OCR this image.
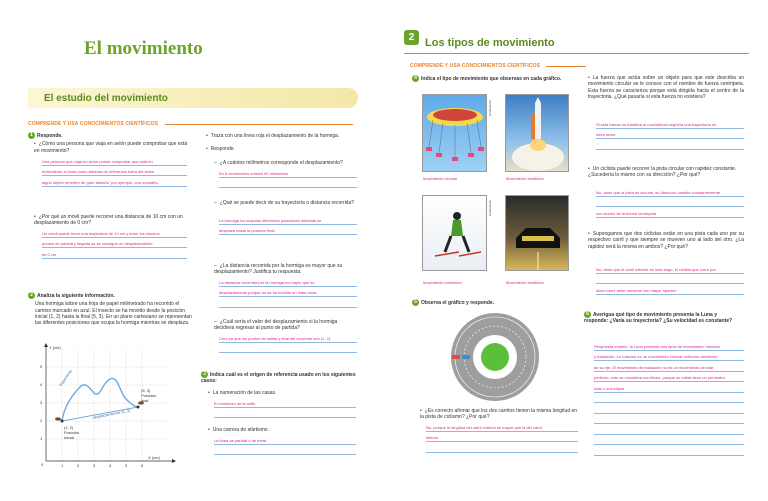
El movimiento
El estudio del movimiento
COMPRENDE Y USA CONOCIMIENTOS CIENTÍFICOS
1 Responde.
• ¿Cómo una persona que viaja en avión puede comprobar que está en movimiento?
Una persona que viaja en avión puede comprobar que está en
movimiento si toma como sistema de referencia fuera del avión
algún objeto terrestre de gran tamaño, por ejemplo, una montaña.
• ¿Por qué un móvil puede recorrer una distancia de 10 cm con un desplazamiento de 0 cm?
Un móvil puede tener una trayectoria de 10 cm y tener los mismos
puntos de partida y llegada ya se consigue un desplazamiento
de 0 cm.
2 Analiza la siguiente información.
Una hormiga sobre una hoja de papel milimetrado ha recorrido el camino marcado en azul. El insecto se ha movido desde la posición inicial (1, 2) hasta la final (5, 3). En un plano cartesiano se representan las diferentes posiciones que ocupa la hormiga mientras se desplaza.
Y (cm)
X (cm)
0
5
4
3
2
1
1	2	3	4	5	6
trayectoria
desplazamiento (5, 3)
(1, 2)
Posición
inicial
(5, 3)
Posición
final
• Traza con una línea roja el desplazamiento de la hormiga.
• Responde.
– ¿A cuántos milímetros corresponde el desplazamiento?
En 6 centímetros existen 50 milímetros.
– ¿Qué se puede decir de su trayectoria o distancia recorrida?
La hormiga ha ocupado diferentes posiciones mientras se
desplaza hasta la posición final.
– ¿La distancia recorrida por la hormiga es mayor que su desplazamiento? Justifica tu respuesta.
La distancia recorrida por la hormiga es mayor que su
desplazamiento porque no se ha movido en línea recta.
– ¿Cuál sería el valor del desplazamiento si la hormiga decidiera regresar al punto de partida?
Cero ya que los puntos de salida y final del recorrido son (1, 2).
3 Indica cuál es el origen de referencia usado en los siguientes casos:
• La numeración de las casas.
El comienzo de la calle.
• Una carrera de atletismo.
La línea de partida o de meta.
2 Los tipos de movimiento
COMPRENDE Y USA CONOCIMIENTOS CIENTÍFICOS
4 Indica el tipo de movimiento que observas en cada gráfico.
shutterstock
Movimiento circular	Movimiento rectilíneo
shutterstock
Movimiento curvilíneo	Movimiento rectilíneo
5 Observa el gráfico y responde.
• ¿Es correcto afirmar que los dos carritos tienen la misma longitud en la pista de ciclismo? ¿Por qué?
No, porque la longitud del carril externo es mayor que la del carril
interno.
• La fuerza que actúa sobre un objeto para que este describa un movimiento circular se le conoce con el nombre de fuerza centrípeta. Esta fuerza se caracteriza porque está dirigida hacia el centro de la trayectoria. ¿Qué pasaría si esta fuerza no existiera?
Si esta fuerza no existiera el movimiento seguiría una trayectoria en
línea recta.
• Un ciclista puede recorrer la pista circular con rapidez constante. ¿Sucedería lo mismo con su dirección? ¿Por qué?
No, dado que la pista es circular, su dirección cambia constantemente
con acción de la fuerza centrípeta.
• Supongamos que dos ciclistas están en una pista cada uno por su respectivo carril y que siempre se mueven uno al lado del otro. ¿La rapidez será la misma en ambos? ¿Por qué?
No, dado que el carril exterior es más largo, el ciclista que corre por
dicho carril debe moverse con mayor rapidez.
6 Averigua qué tipo de movimiento presenta la Luna y responde: ¿Varía su trayectoria? ¿Su velocidad es constante?
Respuesta modelo: la Luna presenta dos tipos de movimiento: rotación
y traslación. La rotación es un movimiento circular uniforme alrededor
de su eje. El movimiento de traslación no es un movimiento circular
perfecto, este se considera curvilíneo, porque su órbita tiene un perímetro
más o una elipse.
